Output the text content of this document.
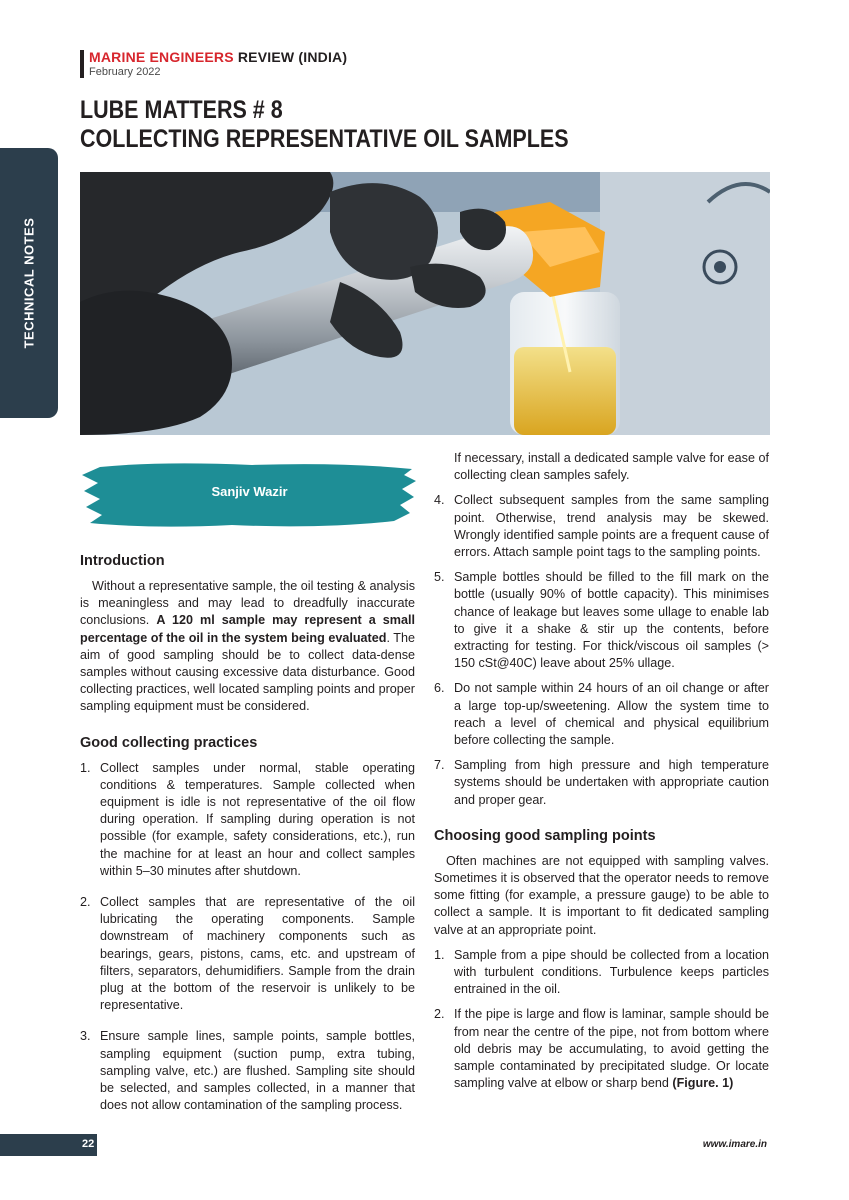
MARINE ENGINEERS REVIEW (INDIA)
February 2022
LUBE MATTERS # 8
COLLECTING REPRESENTATIVE OIL SAMPLES
TECHNICAL NOTES
Sanjiv Wazir
Introduction

Without a representative sample, the oil testing & analysis is meaningless and may lead to dreadfully inaccurate conclusions. A 120 ml sample may represent a small percentage of the oil in the system being evaluated. The aim of good sampling should be to collect data-dense samples without causing excessive data disturbance. Good collecting practices, well located sampling points and proper sampling equipment must be considered.

Good collecting practices
1. Collect samples under normal, stable operating conditions & temperatures. Sample collected when equipment is idle is not representative of the oil flow during operation. If sampling during operation is not possible (for example, safety considerations, etc.), run the machine for at least an hour and collect samples within 5–30 minutes after shutdown.
2. Collect samples that are representative of the oil lubricating the operating components. Sample downstream of machinery components such as bearings, gears, pistons, cams, etc. and upstream of filters, separators, dehumidifiers. Sample from the drain plug at the bottom of the reservoir is unlikely to be representative.
3. Ensure sample lines, sample points, sample bottles, sampling equipment (suction pump, extra tubing, sampling valve, etc.) are flushed. Sampling site should be selected, and samples collected, in a manner that does not allow contamination of the sampling process.

If necessary, install a dedicated sample valve for ease of collecting clean samples safely.

4. Collect subsequent samples from the same sampling point. Otherwise, trend analysis may be skewed. Wrongly identified sample points are a frequent cause of errors. Attach sample point tags to the sampling points.
5. Sample bottles should be filled to the fill mark on the bottle (usually 90% of bottle capacity). This minimises chance of leakage but leaves some ullage to enable lab to give it a shake & stir up the contents, before extracting for testing. For thick/viscous oil samples (> 150 cSt@40C) leave about 25% ullage.
6. Do not sample within 24 hours of an oil change or after a large top-up/sweetening. Allow the system time to reach a level of chemical and physical equilibrium before collecting the sample.
7. Sampling from high pressure and high temperature systems should be undertaken with appropriate caution and proper gear.
Choosing good sampling points

Often machines are not equipped with sampling valves. Sometimes it is observed that the operator needs to remove some fitting (for example, a pressure gauge) to be able to collect a sample. It is important to fit dedicated sampling valve at an appropriate point.

1. Sample from a pipe should be collected from a location with turbulent conditions. Turbulence keeps particles entrained in the oil.
2. If the pipe is large and flow is laminar, sample should be from near the centre of the pipe, not from bottom where old debris may be accumulating, to avoid getting the sample contaminated by precipitated sludge. Or locate sampling valve at elbow or sharp bend (Figure. 1)
22	www.imare.in
